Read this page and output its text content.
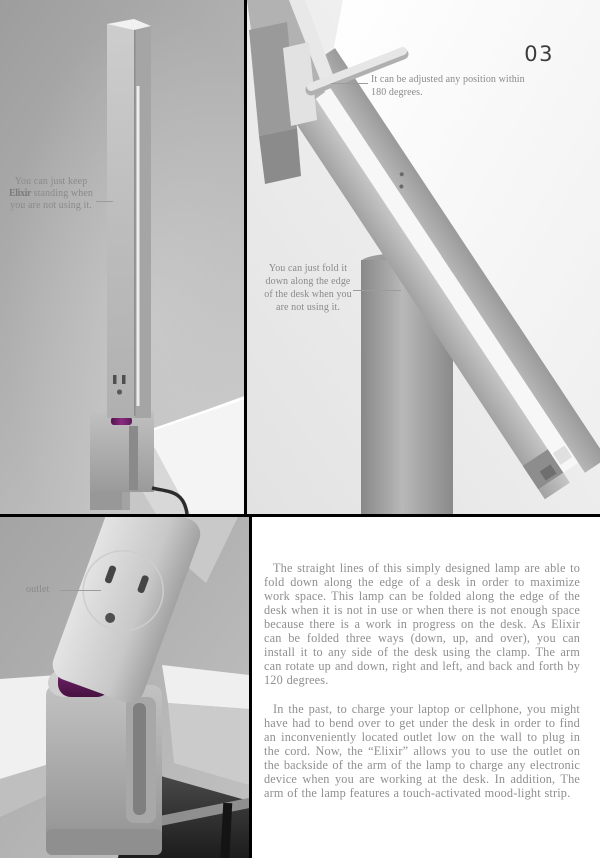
You can just keep Elixir standing when you are not using it.
03
It can be adjusted any position within 180 degrees.
You can just fold it down along the edge of the desk when you are not using it.
outlet

The straight lines of this simply designed lamp are able to fold down along the edge of a desk in order to maximize work space. This lamp can be folded along the edge of the desk when it is not in use or when there is not enough space because there is a work in progress on the desk. As Elixir can be folded three ways (down, up, and over), you can install it to any side of the desk using the clamp. The arm can rotate up and down, right and left, and back and forth by 120 degrees.

In the past, to charge your laptop or cellphone, you might have had to bend over to get under the desk in order to find an inconveniently located outlet low on the wall to plug in the cord. Now, the “Elixir” allows you to use the outlet on the backside of the arm of the lamp to charge any electronic device when you are working at the desk. In addition, The arm of the lamp features a touch-activated mood-light strip.
